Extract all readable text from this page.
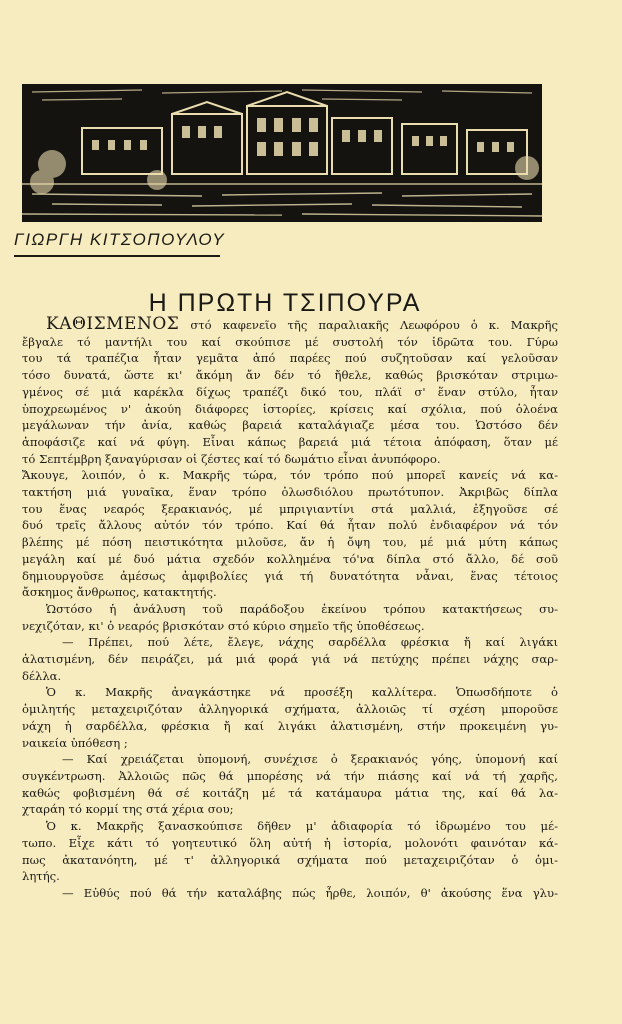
ΓΙΩΡΓΗ ΚΙΤΣΟΠΟΥΛΟΥ
Η ΠΡΩΤΗ ΤΣΙΠΟΥΡΑ
ΚΑΘΙΣΜΕΝΟΣ στό καφενεῖο τῆς παραλιακῆς Λεωφόρου ὁ κ. Μακρῆς
ἔβγαλε τό μαντήλι του καί σκούπισε μέ συστολή τόν ἱδρῶτα του. Γύρω
του τά τραπέζια ἦταν γεμᾶτα ἀπό παρέες πού συζητοῦσαν καί γελοῦσαν
τόσο δυνατά, ὥστε κι' ἄκόμη ἄν δέν τό ἤθελε, καθώς βρισκόταν στριμω-
γμένος σέ μιά καρέκλα δίχως τραπέζι δικό του, πλάϊ σ' ἕναν στύλο, ἦταν
ὑποχρεωμένος ν' ἀκούη διάφορες ἱστορίες, κρίσεις καί σχόλια, πού ὁλοένα
μεγάλωναν τήν ἀνία, καθώς βαρειά καταλάγιαζε μέσα του. Ὡστόσο δέν
ἀποφάσιζε καί νά φύγη. Εἶναι κάπως βαρειά μιά τέτοια ἀπόφαση, ὅταν μέ
τό Σεπτέμβρη ξαναγύρισαν οἱ ζέστες καί τό δωμάτιο εἶναι ἀνυπόφορο.
Ἄκουγε, λοιπόν, ὁ κ. Μακρῆς τώρα, τόν τρόπο πού μπορεῖ κανείς νά κα-
τακτήση μιά γυναῖκα, ἕναν τρόπο ὁλωσδιόλου πρωτότυπον. Ἀκριβῶς δίπλα
του ἕνας νεαρός ξερακιανός, μέ μπριγιαντίνι στά μαλλιά, ἐξηγοῦσε σέ
δυό τρεῖς ἄλλους αὐτόν τόν τρόπο. Καί θά ἦταν πολύ ἐνδιαφέρον νά τόν
βλέπης μέ πόση πειστικότητα μιλοῦσε, ἄν ἡ ὄψη του, μέ μιά μύτη κάπως
μεγάλη καί μέ δυό μάτια σχεδόν κολλημένα τό'να δίπλα στό ἄλλο, δέ σοῦ
δημιουργοῦσε ἀμέσως ἀμφιβολίες γιά τή δυνατότητα νἆναι, ἕνας τέτοιος
ἄσκημος ἄνθρωπος, κατακτητής.
Ὡστόσο ἡ ἀνάλυση τοῦ παράδοξου ἐκείνου τρόπου κατακτήσεως συ-
νεχιζόταν, κι' ὁ νεαρός βρισκόταν στό κύριο σημεῖο τῆς ὑποθέσεως.
— Πρέπει, πού λέτε, ἔλεγε, νάχης σαρδέλλα φρέσκια ἤ καί λιγάκι
ἁλατισμένη, δέν πειράζει, μά μιά φορά γιά νά πετύχης πρέπει νάχης σαρ-
δέλλα.
Ὁ κ. Μακρῆς ἀναγκάστηκε νά προσέξη καλλίτερα. Ὁπωσδήποτε ὁ
ὁμιλητής μεταχειριζόταν ἀλληγορικά σχήματα, ἀλλοιῶς τί σχέση μποροῦσε
νάχη ἡ σαρδέλλα, φρέσκια ἤ καί λιγάκι ἁλατισμένη, στήν προκειμένη γυ-
ναικεία ὑπόθεση ;
— Καί χρειάζεται ὑπομονή, συνέχισε ὁ ξερακιανός γόης, ὑπομονή καί
συγκέντρωση. Ἀλλοιῶς πῶς θά μπορέσης νά τήν πιάσης καί νά τή χαρῆς,
καθώς φοβισμένη θά σέ κοιτάζη μέ τά κατάμαυρα μάτια της, καί θά λα-
χταράη τό κορμί της στά χέρια σου;
Ὁ κ. Μακρῆς ξανασκούπισε δῆθεν μ' ἀδιαφορία τό ἱδρωμένο του μέ-
τωπο. Εἶχε κάτι τό γοητευτικό ὅλη αὐτή ἡ ἱστορία, μολονότι φαινόταν κά-
πως ἀκατανόητη, μέ τ' ἀλληγορικά σχήματα πού μεταχειριζόταν ὁ ὁμι-
λητής.
— Εὐθύς πού θά τήν καταλάβης πώς ἦρθε, λοιπόν, θ' ἀκούσης ἕνα γλυ-
